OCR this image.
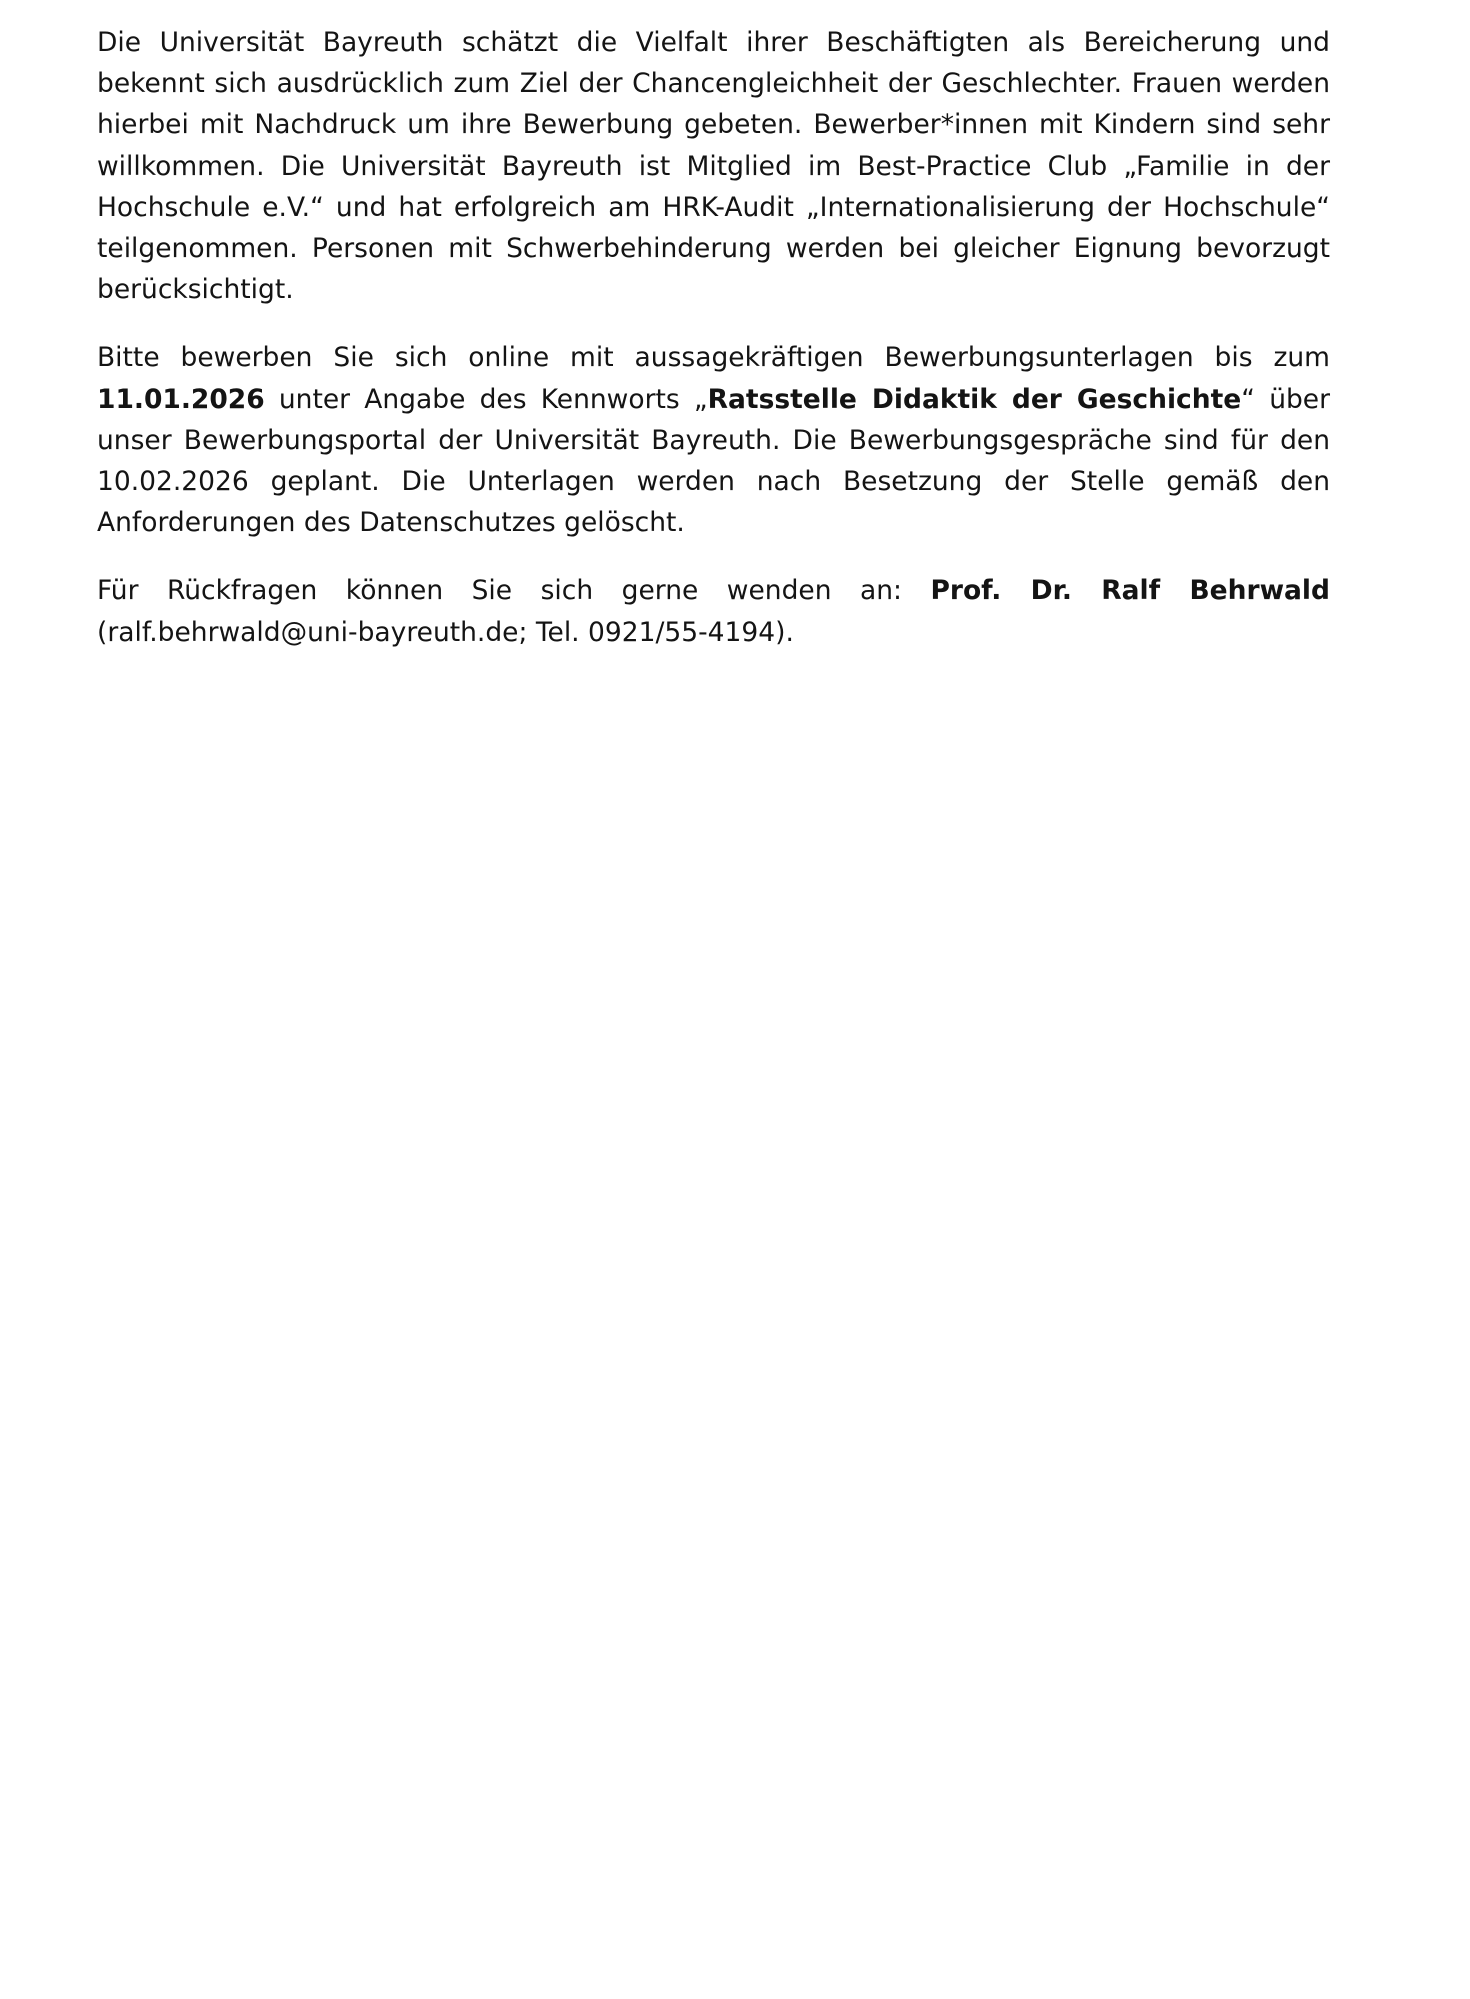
Die Universität Bayreuth schätzt die Vielfalt ihrer Beschäftigten als Bereicherung und bekennt sich ausdrücklich zum Ziel der Chancengleichheit der Geschlechter. Frauen werden hierbei mit Nachdruck um ihre Bewerbung gebeten. Bewerber*innen mit Kindern sind sehr willkommen. Die Universität Bayreuth ist Mitglied im Best-Practice Club „Familie in der Hochschule e.V.“ und hat erfolgreich am HRK-Audit „Internationalisierung der Hochschule“ teilgenommen. Personen mit Schwerbehinderung werden bei gleicher Eignung bevorzugt berücksichtigt.

Bitte bewerben Sie sich online mit aussagekräftigen Bewerbungsunterlagen bis zum 11.01.2026 unter Angabe des Kennworts „Ratsstelle Didaktik der Geschichte“ über unser Bewerbungsportal der Universität Bayreuth. Die Bewerbungsgespräche sind für den 10.02.2026 geplant. Die Unterlagen werden nach Besetzung der Stelle gemäß den Anforderungen des Datenschutzes gelöscht.

Für Rückfragen können Sie sich gerne wenden an: Prof. Dr. Ralf Behrwald (ralf.behrwald@uni-bayreuth.de; Tel. 0921/55-4194).
